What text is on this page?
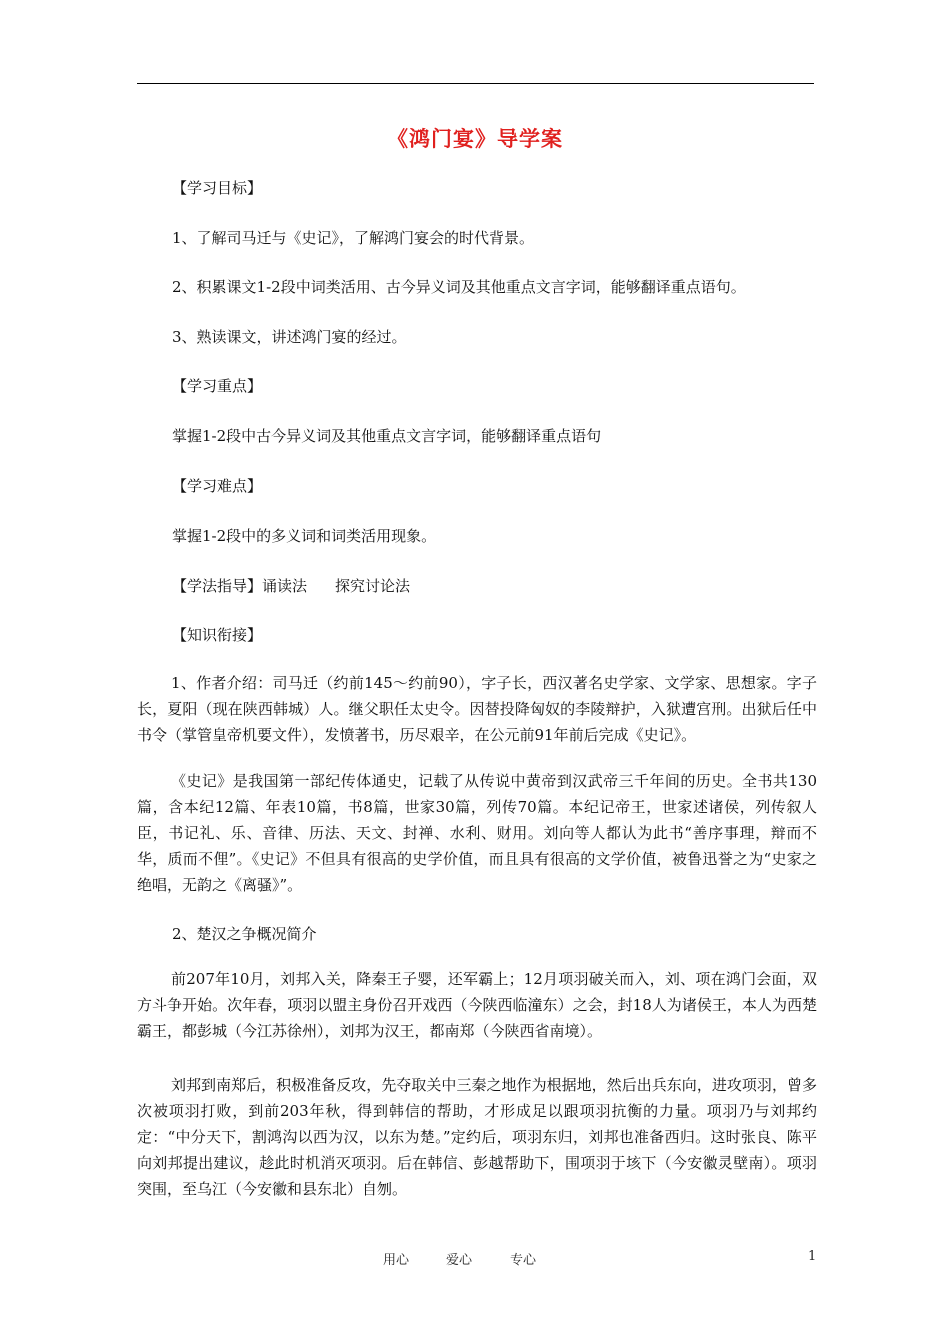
《鸿门宴》导学案
【学习目标】
1、了解司马迁与《史记》，了解鸿门宴会的时代背景。
2、积累课文1-2段中词类活用、古今异义词及其他重点文言字词，能够翻译重点语句。
3、熟读课文，讲述鸿门宴的经过。
【学习重点】
掌握1-2段中古今异义词及其他重点文言字词，能够翻译重点语句
【学习难点】
掌握1-2段中的多义词和词类活用现象。
【学法指导】诵读法 探究讨论法
【知识衔接】
1、作者介绍：司马迁（约前145～约前90），字子长，西汉著名史学家、文学家、思想家。字子长，夏阳（现在陕西韩城）人。继父职任太史令。因替投降匈奴的李陵辩护，入狱遭宫刑。出狱后任中书令（掌管皇帝机要文件），发愤著书，历尽艰辛，在公元前91年前后完成《史记》。
《史记》是我国第一部纪传体通史，记载了从传说中黄帝到汉武帝三千年间的历史。全书共130篇，含本纪12篇、年表10篇，书8篇，世家30篇，列传70篇。本纪记帝王，世家述诸侯，列传叙人臣，书记礼、乐、音律、历法、天文、封禅、水利、财用。刘向等人都认为此书“善序事理，辩而不华，质而不俚”。《史记》不但具有很高的史学价值，而且具有很高的文学价值，被鲁迅誉之为“史家之绝唱，无韵之《离骚》”。
2、楚汉之争概况简介
前207年10月，刘邦入关，降秦王子婴，还军霸上；12月项羽破关而入，刘、项在鸿门会面，双方斗争开始。次年春，项羽以盟主身份召开戏西（今陕西临潼东）之会，封18人为诸侯王，本人为西楚霸王，都彭城（今江苏徐州），刘邦为汉王，都南郑（今陕西省南境）。
刘邦到南郑后，积极准备反攻，先夺取关中三秦之地作为根据地，然后出兵东向，进攻项羽，曾多次被项羽打败，到前203年秋，得到韩信的帮助，才形成足以跟项羽抗衡的力量。项羽乃与刘邦约定：“中分天下，割鸿沟以西为汉，以东为楚。”定约后，项羽东归，刘邦也准备西归。这时张良、陈平向刘邦提出建议，趁此时机消灭项羽。后在韩信、彭越帮助下，围项羽于垓下（今安徽灵壁南）。项羽突围，至乌江（今安徽和县东北）自刎。
用心	爱心	专心	1
